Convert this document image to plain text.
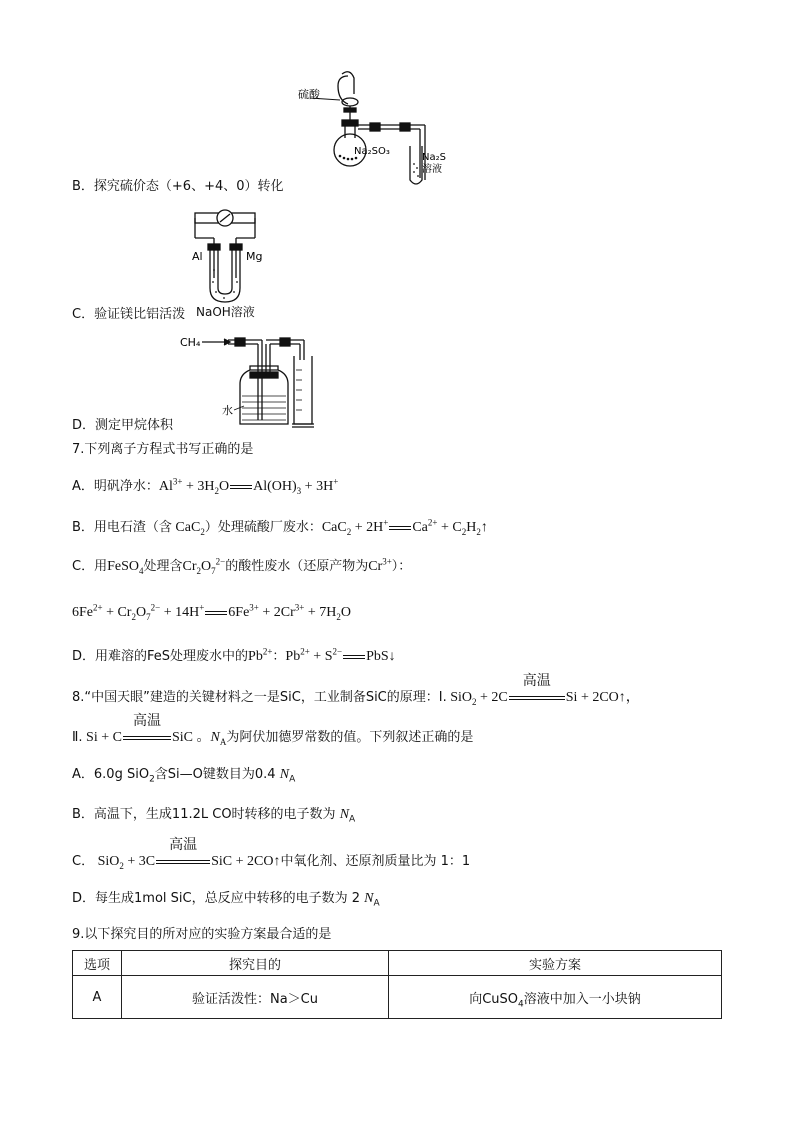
硫酸
Na₂SO₃
Na₂S
溶液
B．探究硫价态（+6、+4、0）转化
Al	Mg
C．验证镁比铝活泼 NaOH溶液
CH₄
水
D．测定甲烷体积
7.下列离子方程式书写正确的是
A．明矾净水：$Al^{3+} + 3H_2O$ $Al(OH)_3 + 3H^+$
B．用电石渣（含 CaC$_2$）处理硫酸厂废水：CaC$_2$ + 2H+ $Ca^{2+}$ + $C_2H_2↑$
C．用FeSO$_4$处理含$Cr_2O_7^{2-}$的酸性废水（还原产物为$Cr^{3+}$）：
$6Fe^{2+} + Cr_2O_7^{2-} + 14H^+$ $6Fe^{3+} + 2Cr^{3+} + 7H_2O$
D．用难溶的FeS处理废水中的$Pb^{2+}$：$Pb^{2+} + S^{2-}$ PbS↓
8.“中国天眼”建造的关键材料之一是SiC，工业制备SiC的原理：Ⅰ. SiO$_2$ + 2C
高温
Si + 2CO↑，
Ⅱ. Si + C
高温
SiC 。$N_A$为阿伏加德罗常数的值。下列叙述正确的是
A．6.0g SiO$_2$含Si—O键数目为0.4 $N_A$
B．高温下，生成11.2L CO时转移的电子数为 $N_A$
C． SiO$_2$ + 3C
高温
SiC + 2CO↑中氧化剂、还原剂质量比为 1：1
D．每生成1mol SiC，总反应中转移的电子数为 2 $N_A$
9.以下探究目的所对应的实验方案最合适的是
选项	探究目的	实验方案
A	验证活泼性：Na＞Cu	向CuSO$_4$溶液中加入一小块钠
